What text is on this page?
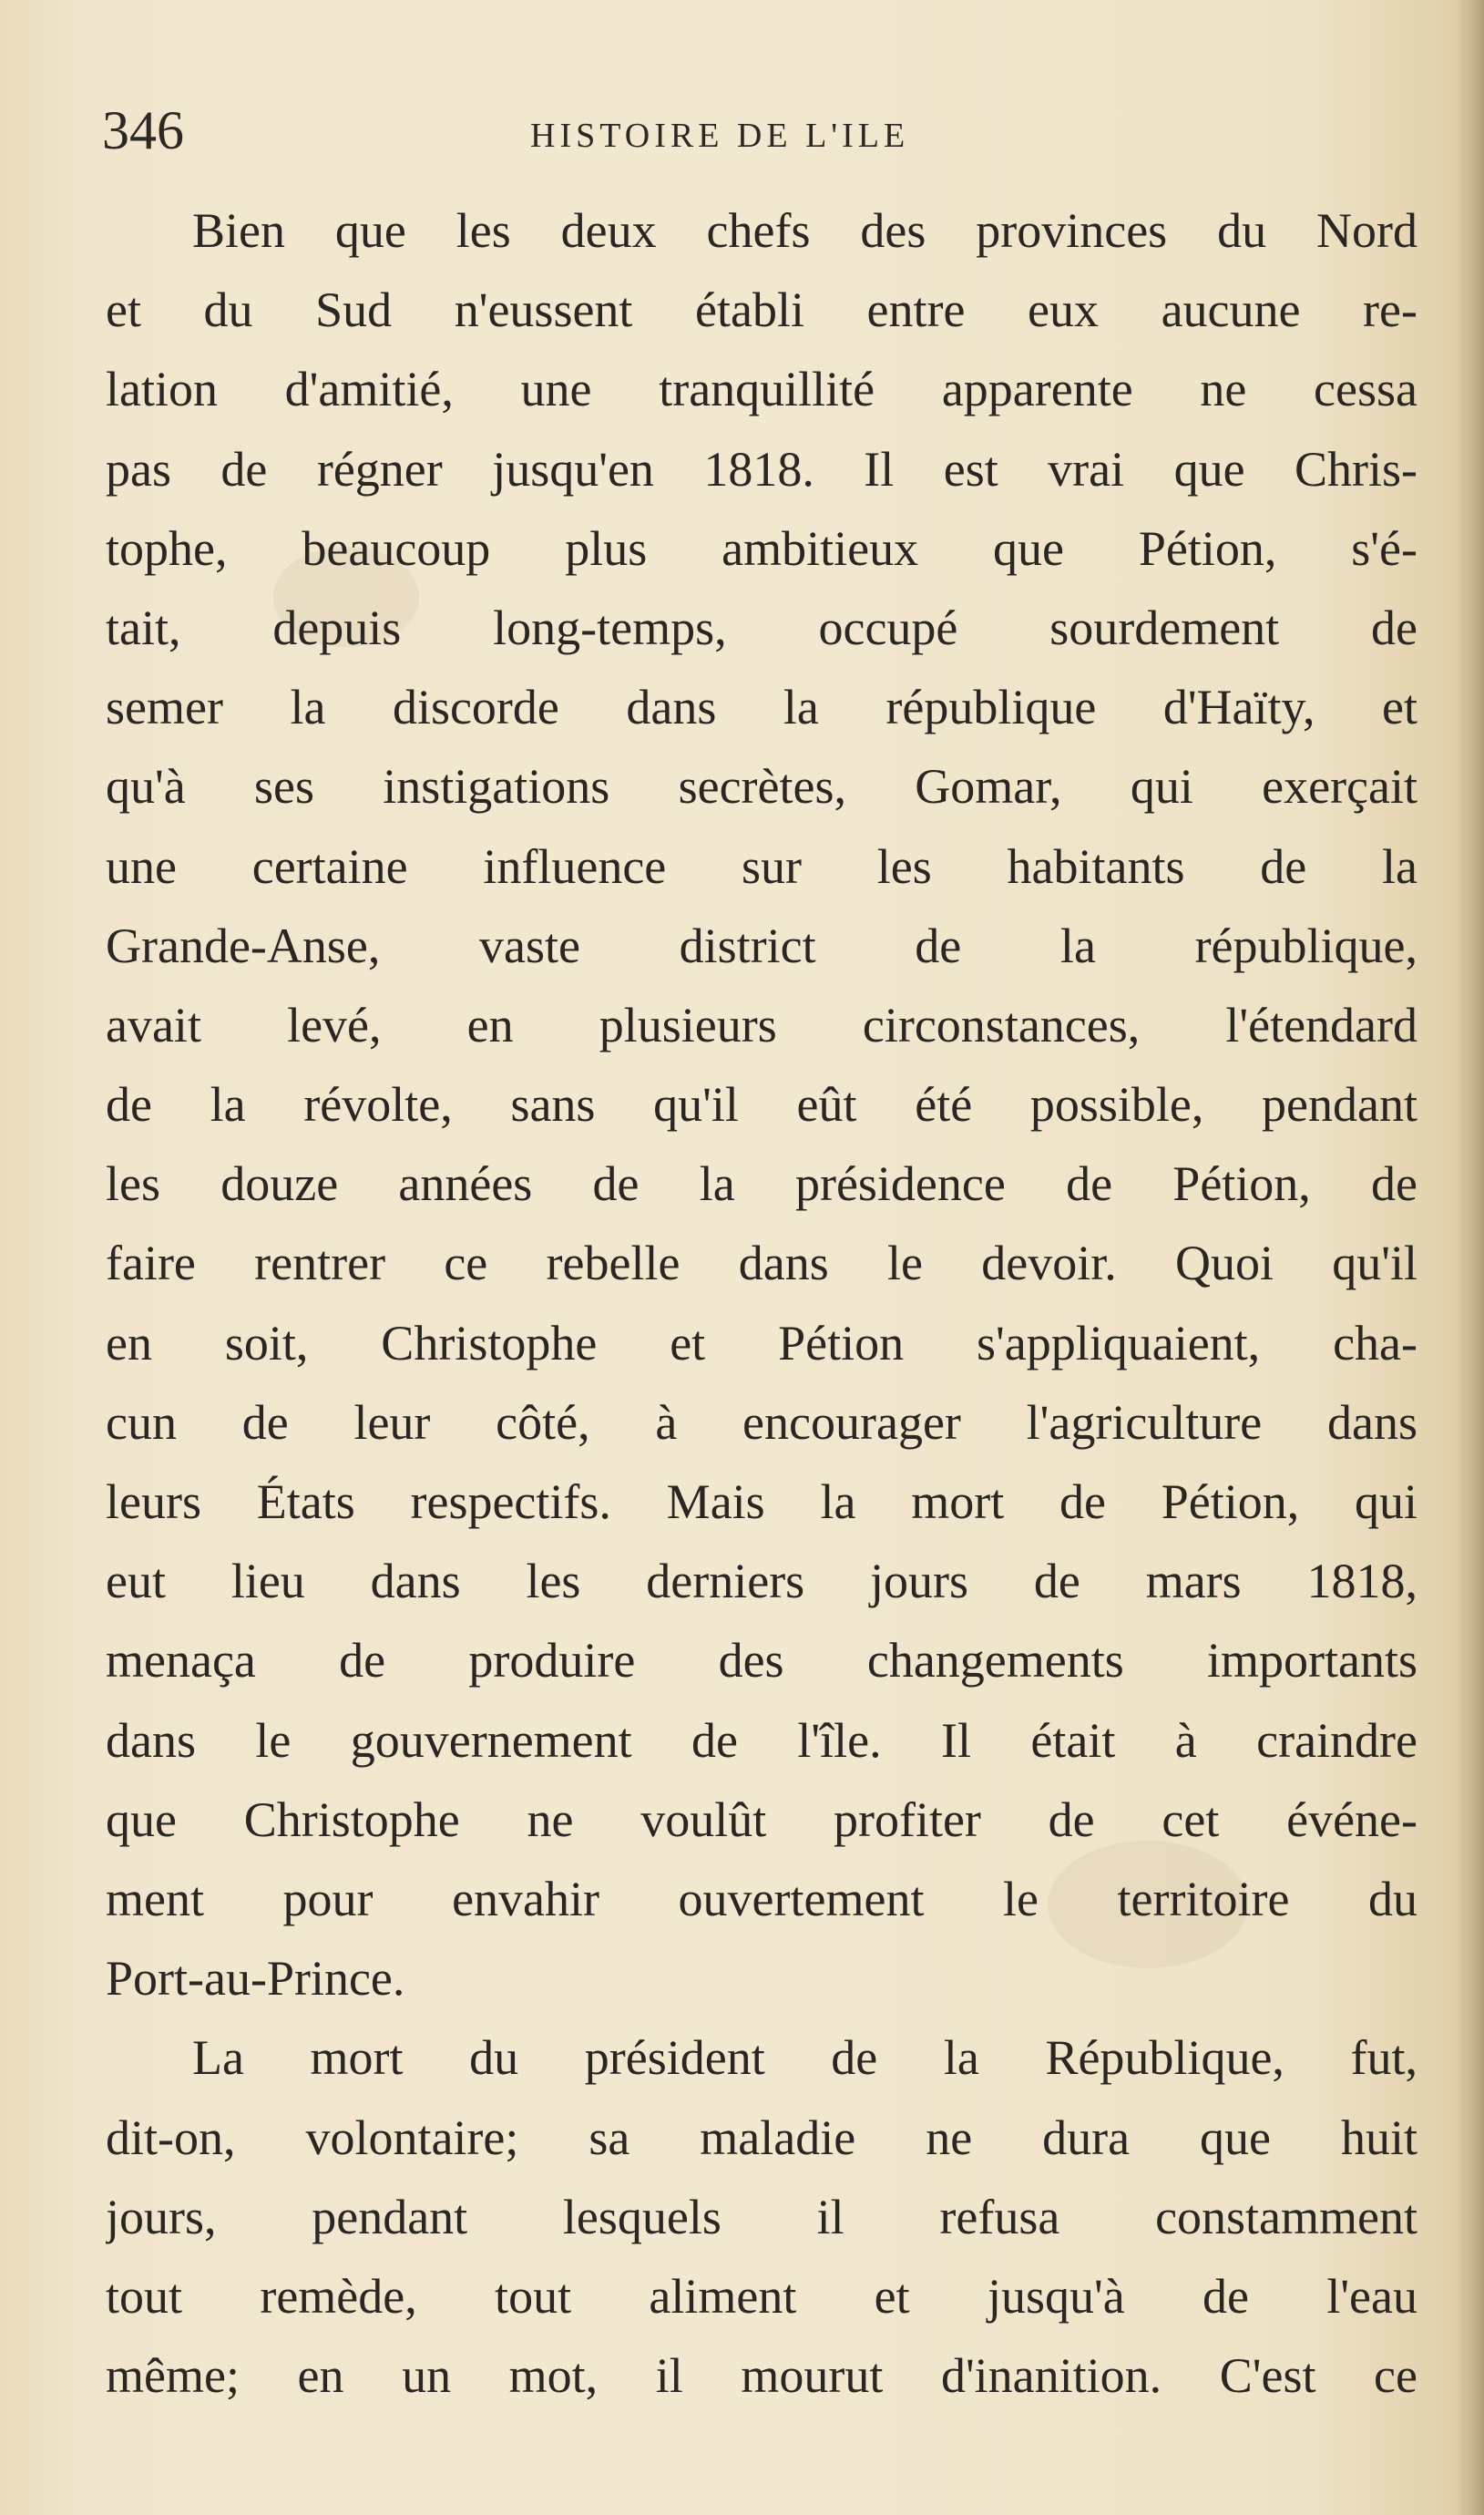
346	HISTOIRE DE L'ILE
Bien que les deux chefs des provinces du Nord
et du Sud n'eussent établi entre eux aucune re-
lation d'amitié, une tranquillité apparente ne cessa
pas de régner jusqu'en 1818. Il est vrai que Chris-
tophe, beaucoup plus ambitieux que Pétion, s'é-
tait, depuis long-temps, occupé sourdement de
semer la discorde dans la république d'Haïty, et
qu'à ses instigations secrètes, Gomar, qui exerçait
une certaine influence sur les habitants de la
Grande-Anse, vaste district de la république,
avait levé, en plusieurs circonstances, l'étendard
de la révolte, sans qu'il eût été possible, pendant
les douze années de la présidence de Pétion, de
faire rentrer ce rebelle dans le devoir. Quoi qu'il
en soit, Christophe et Pétion s'appliquaient, cha-
cun de leur côté, à encourager l'agriculture dans
leurs États respectifs. Mais la mort de Pétion, qui
eut lieu dans les derniers jours de mars 1818,
menaça de produire des changements importants
dans le gouvernement de l'île. Il était à craindre
que Christophe ne voulût profiter de cet événe-
ment pour envahir ouvertement le territoire du
Port-au-Prince.
La mort du président de la République, fut,
dit-on, volontaire; sa maladie ne dura que huit
jours, pendant lesquels il refusa constamment
tout remède, tout aliment et jusqu'à de l'eau
même; en un mot, il mourut d'inanition. C'est ce
